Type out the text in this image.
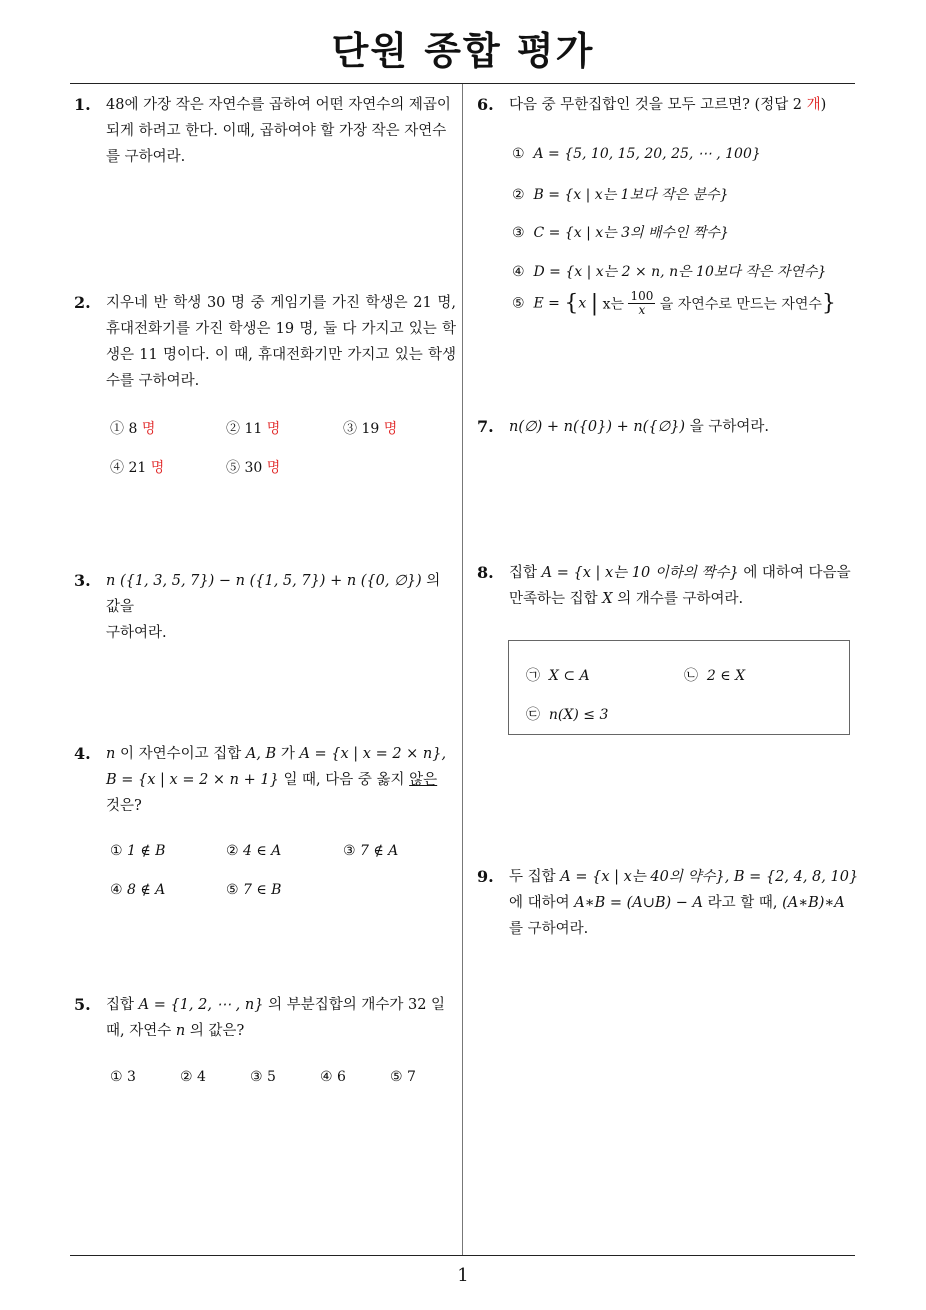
단원 종합 평가
1. 48에 가장 작은 자연수를 곱하여 어떤 자연수의 제곱이 되게 하려고 한다. 이때, 곱하여야 할 가장 작은 자연수를 구하여라.
2. 지우네 반 학생 30 명 중 게임기를 가진 학생은 21 명, 휴대전화기를 가진 학생은 19 명, 둘 다 가지고 있는 학생은 11 명이다. 이 때, 휴대전화기만 가지고 있는 학생 수를 구하여라.
① 8 명	② 11 명	③ 19 명
④ 21 명	⑤ 30 명
3. n ({1, 3, 5, 7}) − n ({1, 5, 7}) + n ({0, ∅}) 의 값을
구하여라.
4. n 이 자연수이고 집합 A, B 가 A = {x | x = 2 × n},
B = {x | x = 2 × n + 1} 일 때, 다음 중 옳지 않은
것은?
① 1 ∉ B	② 4 ∈ A	③ 7 ∉ A
④ 8 ∉ A	⑤ 7 ∈ B
5. 집합 A = {1, 2, ⋯ , n} 의 부분집합의 개수가 32 일
때, 자연수 n 의 값은?
① 3	② 4	③ 5	④ 6	⑤ 7
6. 다음 중 무한집합인 것을 모두 고르면? (정답 2 개)
① A = {5, 10, 15, 20, 25, ⋯ , 100}
② B = {x | x는 1보다 작은 분수}
③ C = {x | x는 3의 배수인 짝수}
④ D = {x | x는 2 × n, n은 10보다 작은 자연수}
⑤ E = {x | x는 $\frac{100}{x}$ 을 자연수로 만드는 자연수}
7. n(∅) + n({0}) + n({∅}) 을 구하여라.
8. 집합 A = {x | x는 10 이하의 짝수} 에 대하여 다음을
만족하는 집합 X 의 개수를 구하여라.
㉠ X ⊂ A	㉡ 2 ∈ X
㉢ n(X) ≤ 3
9. 두 집합 A = {x | x는 40의 약수}, B = {2, 4, 8, 10}
에 대하여 A∗B = (A∪B) − A 라고 할 때, (A∗B)∗A
를 구하여라.
1
